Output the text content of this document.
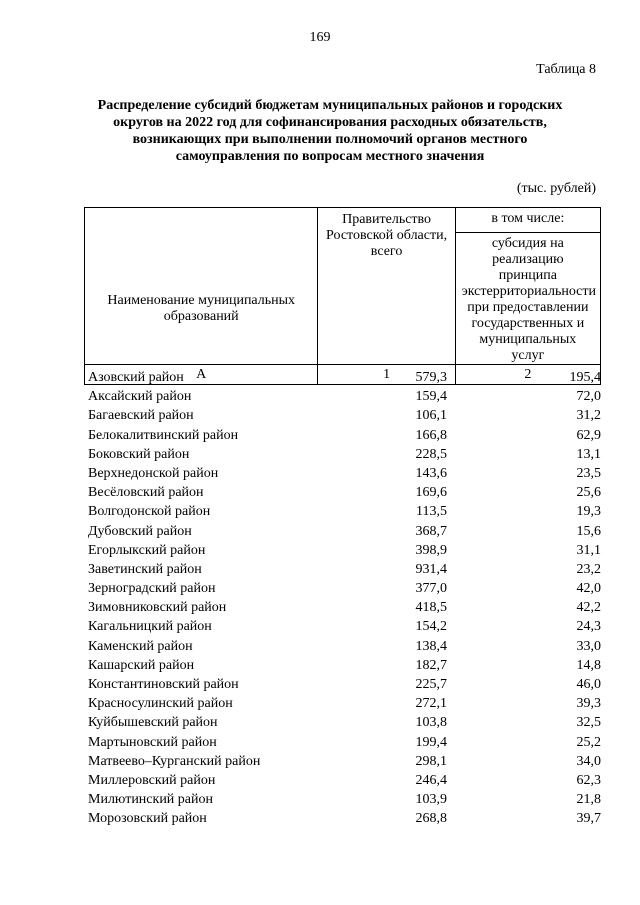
169
Таблица 8
Распределение субсидий бюджетам муниципальных районов и городских
округов на 2022 год для софинансирования расходных обязательств,
возникающих при выполнении полномочий органов местного
самоуправления по вопросам местного значения
(тыс. рублей)
Наименование муниципальных образований	Правительство Ростовской области, всего	в том числе:
		субсидия на реализацию принципа экстерриториальности при предоставлении государственных и муниципальных услуг
А	1	2
Азовский район	579,3	195,4
Аксайский район	159,4	72,0
Багаевский район	106,1	31,2
Белокалитвинский район	166,8	62,9
Боковский район	228,5	13,1
Верхнедонской район	143,6	23,5
Весёловский район	169,6	25,6
Волгодонской район	113,5	19,3
Дубовский район	368,7	15,6
Егорлыкский район	398,9	31,1
Заветинский район	931,4	23,2
Зерноградский район	377,0	42,0
Зимовниковский район	418,5	42,2
Кагальницкий район	154,2	24,3
Каменский район	138,4	33,0
Кашарский район	182,7	14,8
Константиновский район	225,7	46,0
Красносулинский район	272,1	39,3
Куйбышевский район	103,8	32,5
Мартыновский район	199,4	25,2
Матвеево–Курганский район	298,1	34,0
Миллеровский район	246,4	62,3
Милютинский район	103,9	21,8
Морозовский район	268,8	39,7
